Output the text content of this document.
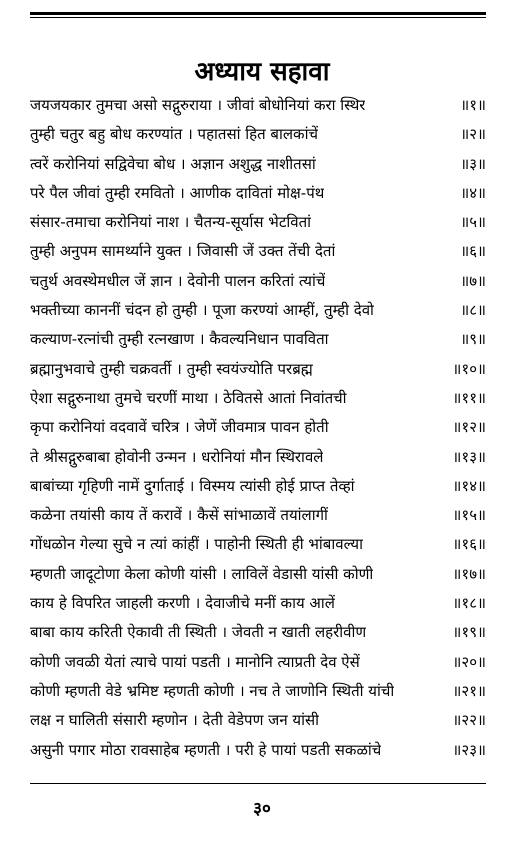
अध्याय सहावा
जयजयकार तुमचा असो सद्गुरुराया । जीवां बोधोनियां करा स्थिर	॥१॥
तुम्ही चतुर बहु बोध करण्यांत । पहातसां हित बालकांचें	॥२॥
त्वरें करोनियां सद्विवेचा बोध । अज्ञान अशुद्ध नाशीतसां	॥३॥
परे पैल जीवां तुम्ही रमवितो । आणीक दावितां मोक्ष-पंथ	॥४॥
संसार-तमाचा करोनियां नाश । चैतन्य-सूर्यास भेटवितां	॥५॥
तुम्ही अनुपम सामर्थ्याने युक्त । जिवासी जें उक्त तेंची देतां	॥६॥
चतुर्थ अवस्थेमधील जें ज्ञान । देवोनी पालन करितां त्यांचें	॥७॥
भक्तीच्या काननीं चंदन हो तुम्ही । पूजा करण्यां आम्हीं, तुम्ही देवो	॥८॥
कल्याण-रत्नांची तुम्ही रत्नखाण । कैवल्यनिधान पावविता	॥९॥
ब्रह्मानुभवाचे तुम्ही चक्रवर्ती । तुम्ही स्वयंज्योति परब्रह्म	॥१०॥
ऐशा सद्गुरुनाथा तुमचे चरणीं माथा । ठेवितसे आतां निवांतची	॥११॥
कृपा करोनियां वदवावें चरित्र । जेणें जीवमात्र पावन होती	॥१२॥
ते श्रीसद्गुरुबाबा होवोनी उन्मन । धरोनियां मौन स्थिरावले	॥१३॥
बाबांच्या गृहिणी नामें दुर्गाताई । विस्मय त्यांसी होई प्राप्त तेव्हां	॥१४॥
कळेना तयांसी काय तें करावें । कैसें सांभाळावें तयांलागीं	॥१५॥
गोंधळोन गेल्या सुचे न त्यां कांहीं । पाहोनी स्थिती ही भांबावल्या	॥१६॥
म्हणती जादूटोणा केला कोणी यांसी । लाविलें वेडासी यांसी कोणी	॥१७॥
काय हे विपरित जाहली करणी । देवाजीचे मनीं काय आलें	॥१८॥
बाबा काय करिती ऐकावी ती स्थिती । जेवती न खाती लहरीवीण	॥१९॥
कोणी जवळी येतां त्याचे पायां पडती । मानोनि त्याप्रती देव ऐसें	॥२०॥
कोणी म्हणती वेडे भ्रमिष्ट म्हणती कोणी । नच ते जाणोनि स्थिती यांची	॥२१॥
लक्ष न घालिती संसारी म्हणोन । देती वेडेपण जन यांसी	॥२२॥
असुनी पगार मोठा रावसाहेब म्हणती । परी हे पायां पडती सकळांचे	॥२३॥
३०
